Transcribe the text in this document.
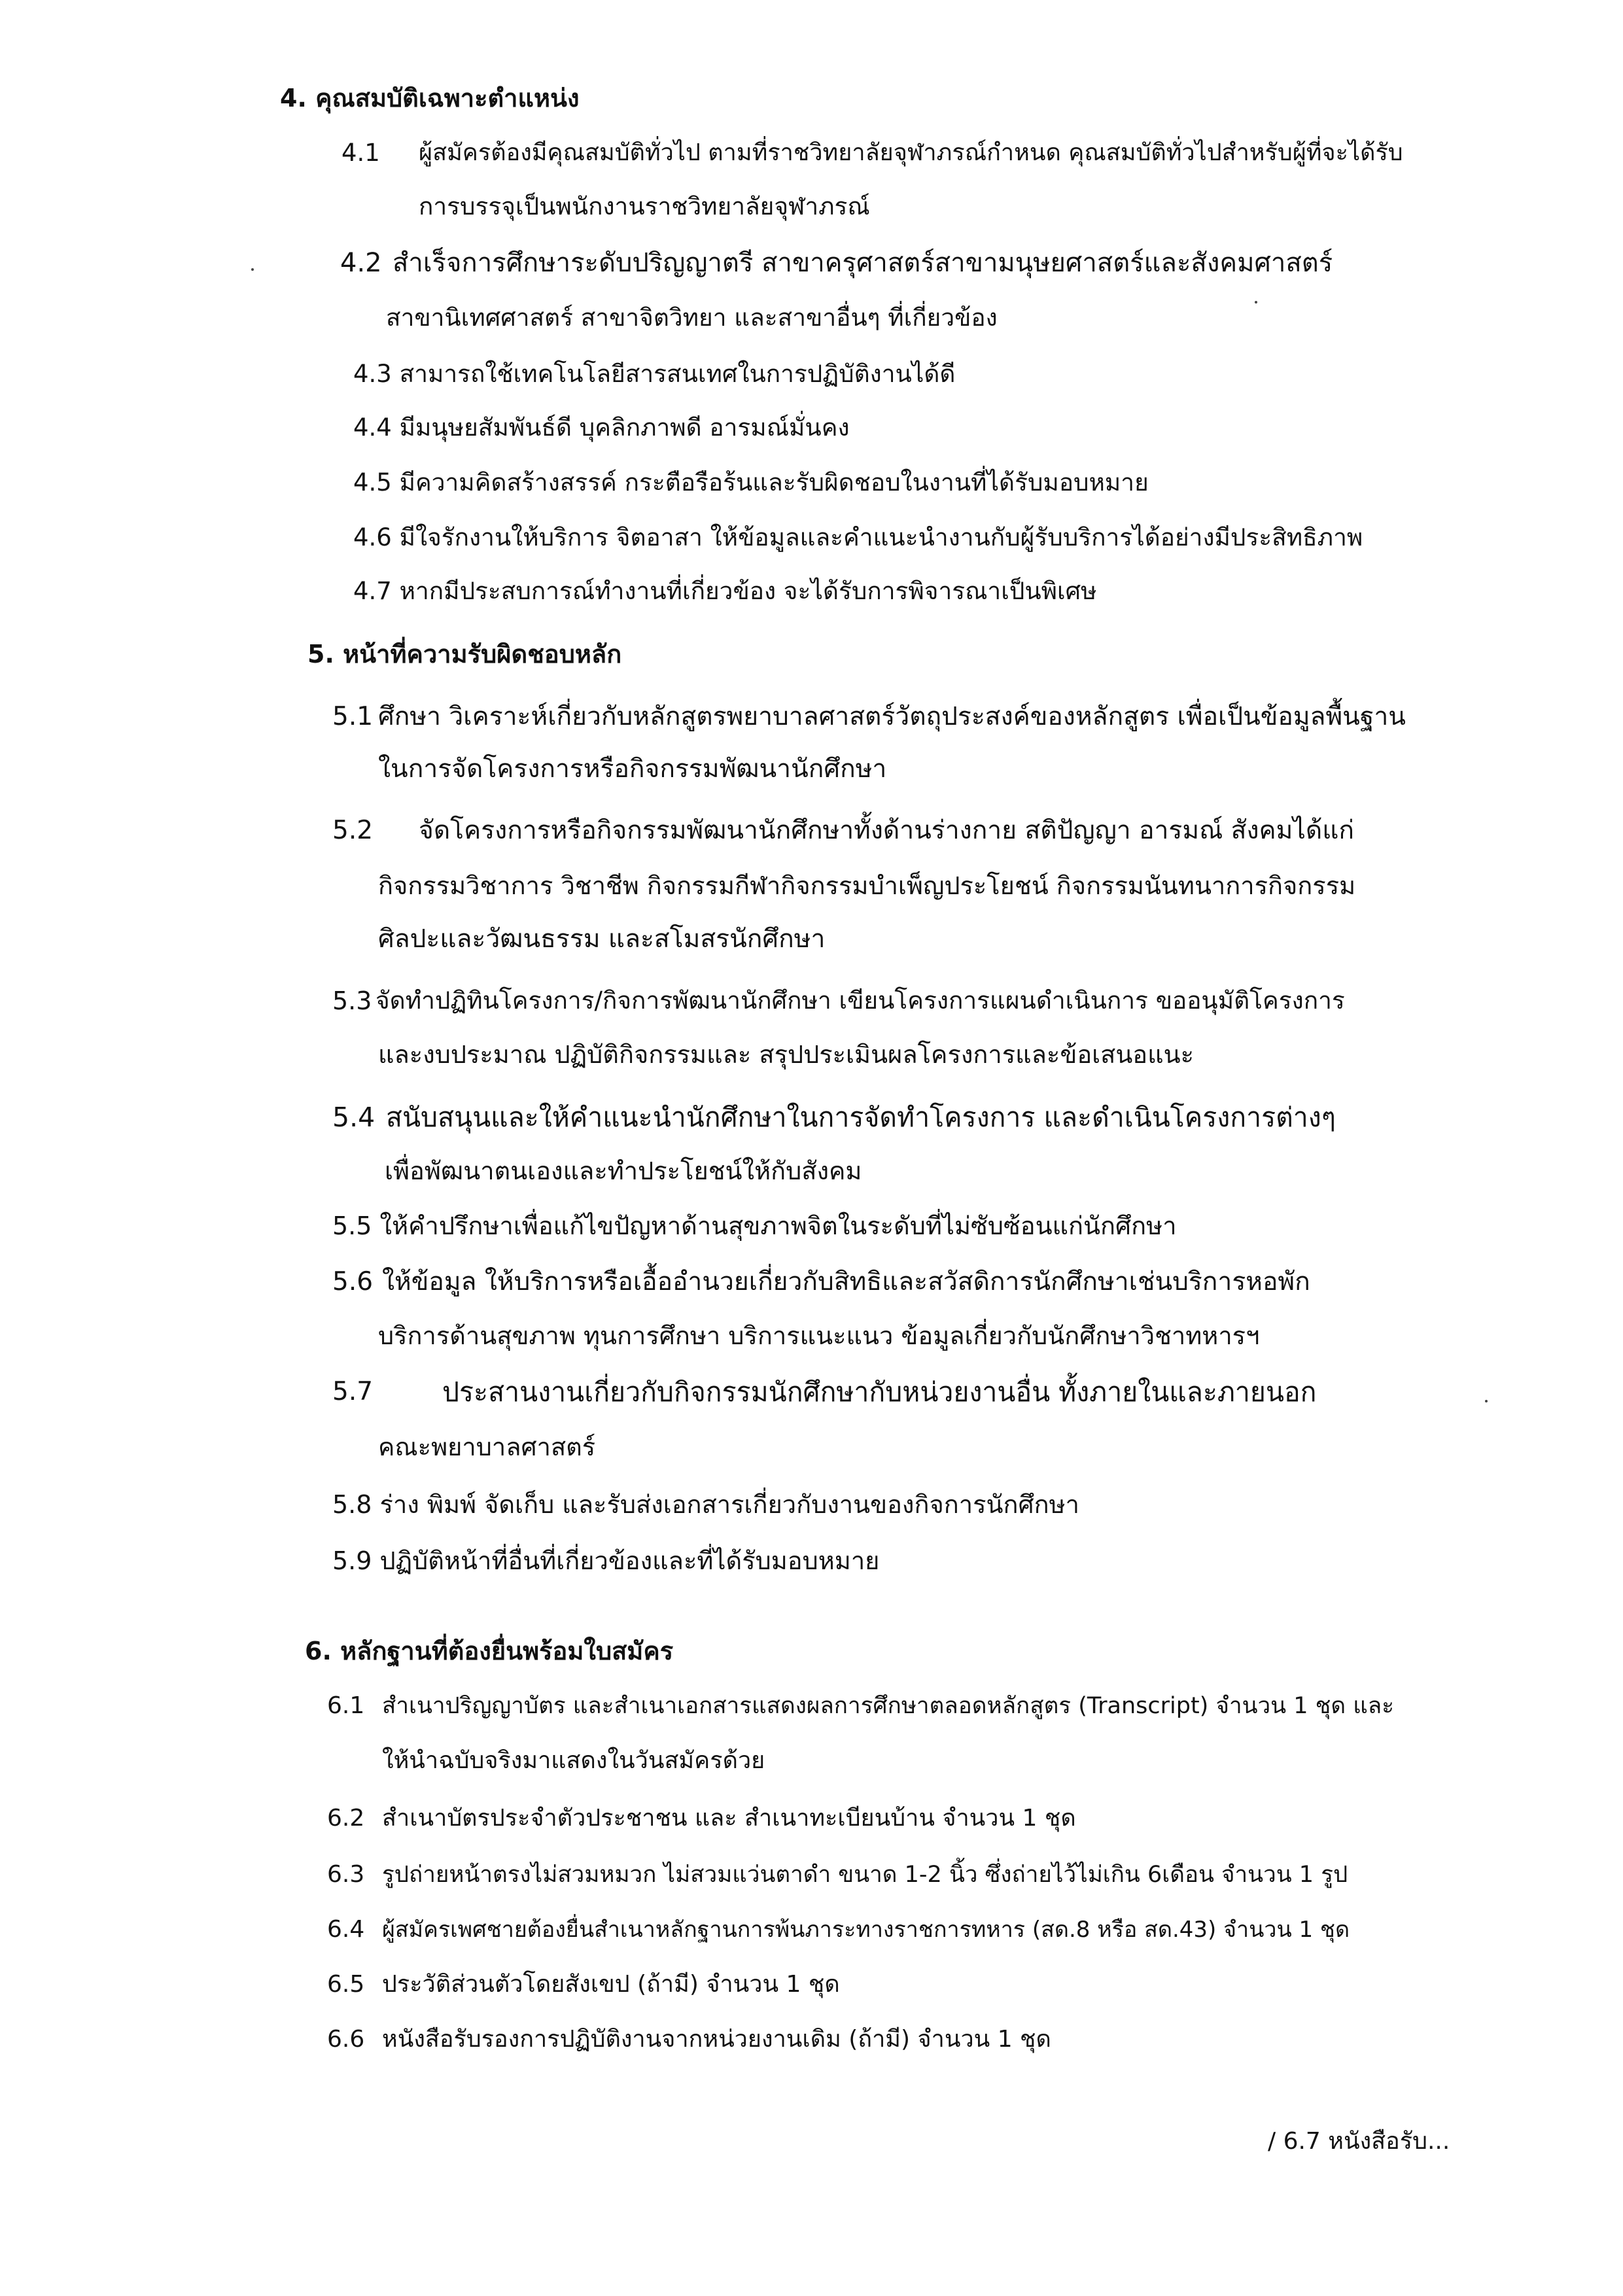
4. คุณสมบัติเฉพาะตำแหน่ง
4.1 ผู้สมัครต้องมีคุณสมบัติทั่วไป ตามที่ราชวิทยาลัยจุฬาภรณ์กำหนด คุณสมบัติทั่วไปสำหรับผู้ที่จะได้รับ
การบรรจุเป็นพนักงานราชวิทยาลัยจุฬาภรณ์
4.2 สำเร็จการศึกษาระดับปริญญาตรี สาขาครุศาสตร์สาขามนุษยศาสตร์และสังคมศาสตร์
สาขานิเทศศาสตร์ สาขาจิตวิทยา และสาขาอื่นๆ ที่เกี่ยวข้อง
4.3 สามารถใช้เทคโนโลยีสารสนเทศในการปฏิบัติงานได้ดี
4.4 มีมนุษยสัมพันธ์ดี บุคลิกภาพดี อารมณ์มั่นคง
4.5 มีความคิดสร้างสรรค์ กระตือรือร้นและรับผิดชอบในงานที่ได้รับมอบหมาย
4.6 มีใจรักงานให้บริการ จิตอาสา ให้ข้อมูลและคำแนะนำงานกับผู้รับบริการได้อย่างมีประสิทธิภาพ
4.7 หากมีประสบการณ์ทำงานที่เกี่ยวข้อง จะได้รับการพิจารณาเป็นพิเศษ
5. หน้าที่ความรับผิดชอบหลัก
5.1 ศึกษา วิเคราะห์เกี่ยวกับหลักสูตรพยาบาลศาสตร์วัตถุประสงค์ของหลักสูตร เพื่อเป็นข้อมูลพื้นฐาน
ในการจัดโครงการหรือกิจกรรมพัฒนานักศึกษา
5.2 จัดโครงการหรือกิจกรรมพัฒนานักศึกษาทั้งด้านร่างกาย สติปัญญา อารมณ์ สังคมได้แก่
กิจกรรมวิชาการ วิชาชีพ กิจกรรมกีฬากิจกรรมบำเพ็ญประโยชน์ กิจกรรมนันทนาการกิจกรรม
ศิลปะและวัฒนธรรม และสโมสรนักศึกษา
5.3 จัดทำปฏิทินโครงการ/กิจการพัฒนานักศึกษา เขียนโครงการแผนดำเนินการ ขออนุมัติโครงการ
และงบประมาณ ปฏิบัติกิจกรรมและ สรุปประเมินผลโครงการและข้อเสนอแนะ
5.4 สนับสนุนและให้คำแนะนำนักศึกษาในการจัดทำโครงการ และดำเนินโครงการต่างๆ
เพื่อพัฒนาตนเองและทำประโยชน์ให้กับสังคม
5.5 ให้คำปรึกษาเพื่อแก้ไขปัญหาด้านสุขภาพจิตในระดับที่ไม่ซับซ้อนแก่นักศึกษา
5.6 ให้ข้อมูล ให้บริการหรือเอื้ออำนวยเกี่ยวกับสิทธิและสวัสดิการนักศึกษาเช่นบริการหอพัก
บริการด้านสุขภาพ ทุนการศึกษา บริการแนะแนว ข้อมูลเกี่ยวกับนักศึกษาวิชาทหารฯ
5.7	ประสานงานเกี่ยวกับกิจกรรมนักศึกษากับหน่วยงานอื่น ทั้งภายในและภายนอก
คณะพยาบาลศาสตร์
5.8 ร่าง พิมพ์ จัดเก็บ และรับส่งเอกสารเกี่ยวกับงานของกิจการนักศึกษา
5.9 ปฏิบัติหน้าที่อื่นที่เกี่ยวข้องและที่ได้รับมอบหมาย
6. หลักฐานที่ต้องยื่นพร้อมใบสมัคร
6.1 สำเนาปริญญาบัตร และสำเนาเอกสารแสดงผลการศึกษาตลอดหลักสูตร (Transcript) จำนวน 1 ชุด และ
ให้นำฉบับจริงมาแสดงในวันสมัครด้วย
6.2 สำเนาบัตรประจำตัวประชาชน และ สำเนาทะเบียนบ้าน จำนวน 1 ชุด
6.3 รูปถ่ายหน้าตรงไม่สวมหมวก ไม่สวมแว่นตาดำ ขนาด 1-2 นิ้ว ซึ่งถ่ายไว้ไม่เกิน 6เดือน จำนวน 1 รูป
6.4 ผู้สมัครเพศชายต้องยื่นสำเนาหลักฐานการพ้นภาระทางราชการทหาร (สด.8 หรือ สด.43) จำนวน 1 ชุด
6.5 ประวัติส่วนตัวโดยสังเขป (ถ้ามี) จำนวน 1 ชุด
6.6 หนังสือรับรองการปฏิบัติงานจากหน่วยงานเดิม (ถ้ามี) จำนวน 1 ชุด
/ 6.7 หนังสือรับ...
